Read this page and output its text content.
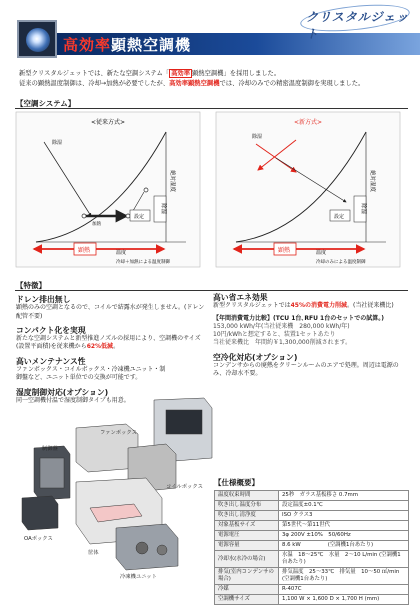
高効率顕熱空調機
クリスタルジェット
新型クリスタルジェットでは、新たな空調システム「 高効率 顕熱空調機」を採用しました。
従来の顕熱温度制御は、冷却→加熱が必要でしたが、高効率顕熱空調機では、冷却のみでの精密温度制御を実現しました。
【空調システム】
<従来方式>
除湿
加熱
設定
絶対湿度
除湿
顕熱	温度
冷却＋加熱による温度制御
<新方式>
除湿
設定
絶対湿度
除湿
顕熱	温度
冷却のみによる温度制御
【特徴】
ドレン排出無し

顕熱のみの空調となるので、コイルで結露水が発生しません。(ドレン配管不要)

コンパクト化を実現

新たな空調システムと新型推進ノズルの採用により、空調機のサイズ(設置平面積)を従来機から62%低減。

高いメンテナンス性

ファンボックス・コイルボックス・冷凍機ユニット・制御盤など、ユニット単位での交換が可能です。

湿度制御対応(オプション)

同一空調機付温で湿度制御タイプも用意。

ファンボックス
コイルボックス
制御盤
OAボックス
筐体
冷凍機ユニット
高い省エネ効果

新型クリスタルジェットでは45%の消費電力削減。(当社従来機比)

【年間消費電力比較】(TCU 1台､RFU 1台のセットでの試算。)
153,000 kWh/年(当社従来機　280,000 kWh/年)
10円/kWhと想定すると、装置1セットあたり
当社従来機比　 年間約￥1,300,000削減されます。
空冷化対応(オプション)

コンデンサからの廃熱をクリーンルームのエアで処理。周辺は電源のみ、冷却水不要。

【仕様概要】
温度収束時間	25秒　ガラス基板移さ 0.7mm
吹き出し温度分布	設定温度±0.1℃
吹き出し清浄度	ISO クラス3
対象基板サイズ	第5世代〜第11世代
電源電圧	3φ 200V ±10%　50/60Hz
電源容量	8.6 kW　　　　　(空調機1台あたり)
冷却水(水冷の場合)	水温　18〜25℃　水量　2〜10 L/min (空調機1台あたり)
排気(室内コンデンサの場合)	排気温度　25〜33℃　排気量　10〜50 ㎥/min (空調機1台あたり)
冷媒	R-407C
空調機サイズ	1,100 W × 1,600 D × 1,700 H (mm)
